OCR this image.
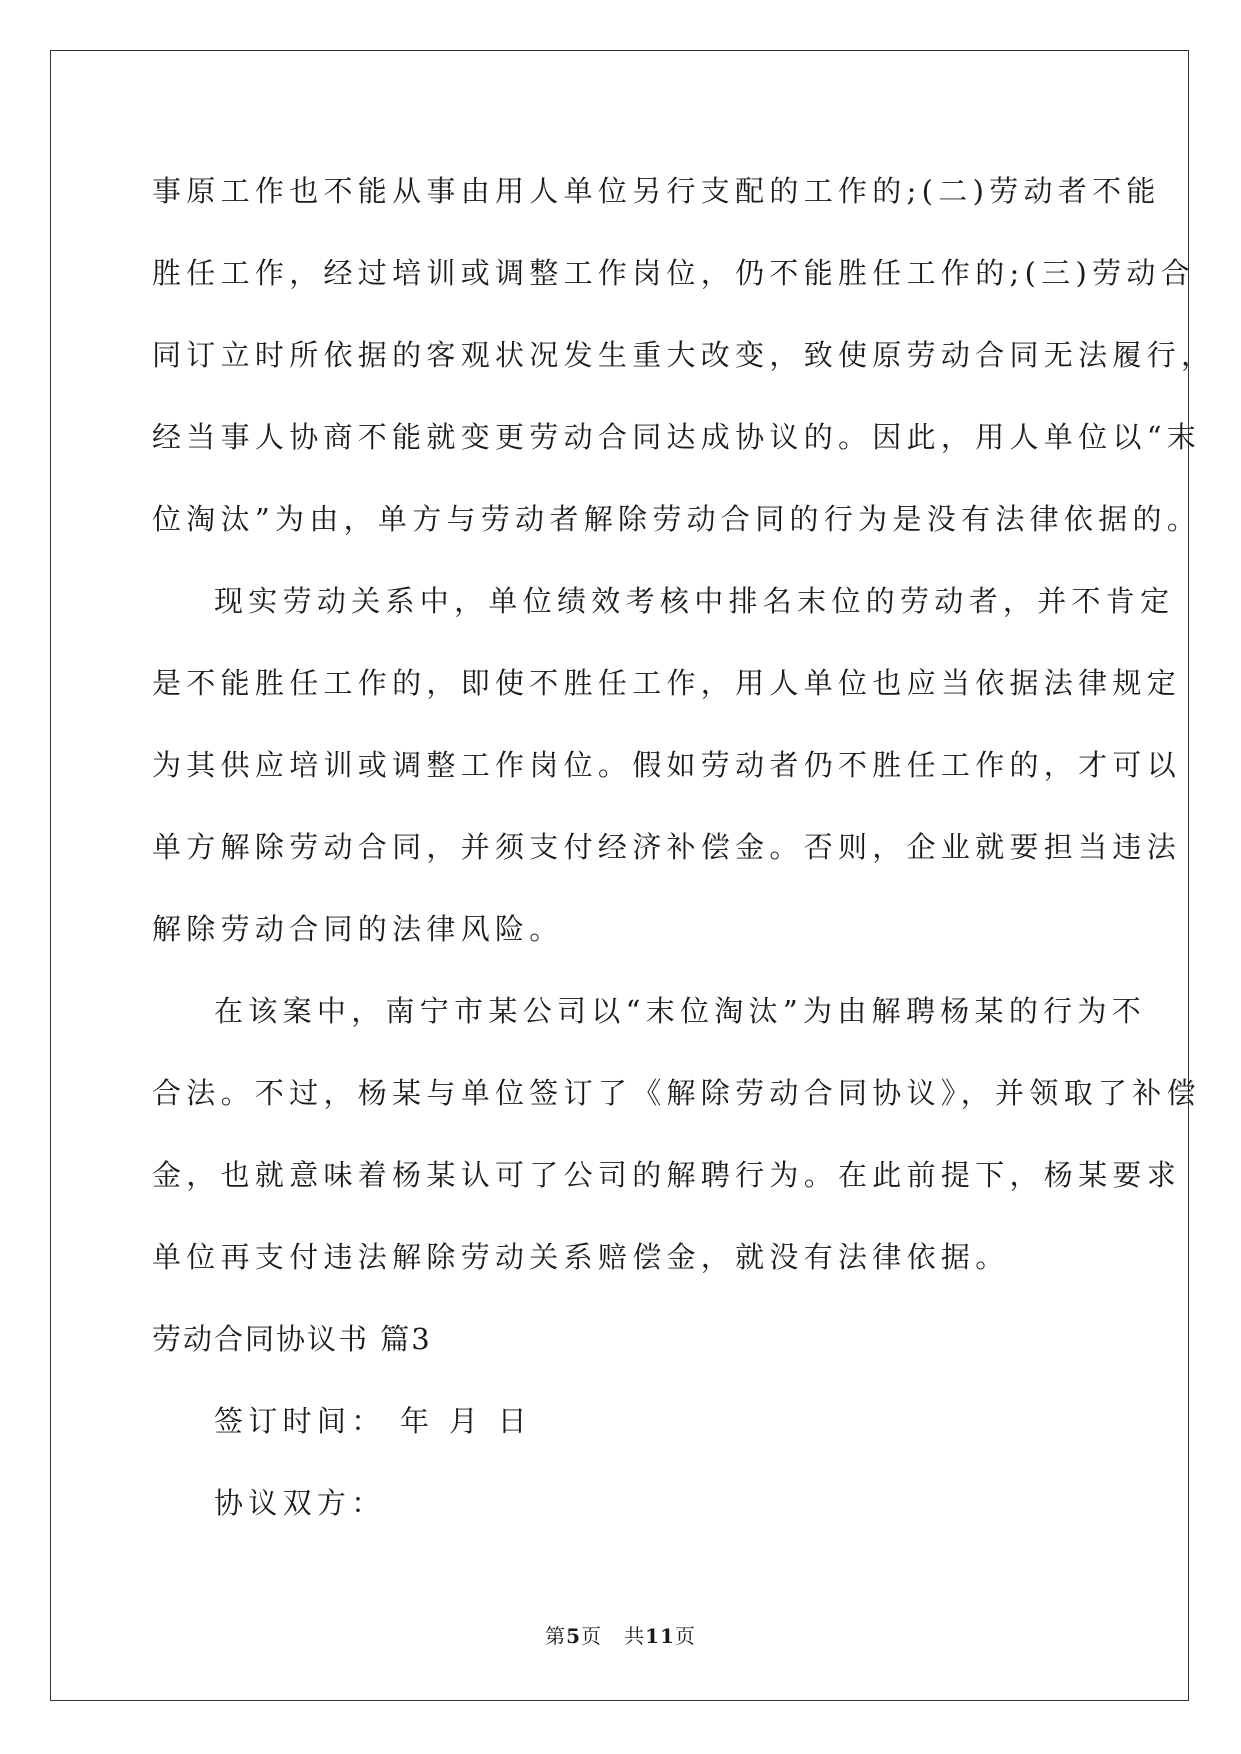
事原工作也不能从事由用人单位另行支配的工作的;(二)劳动者不能
胜任工作，经过培训或调整工作岗位，仍不能胜任工作的;(三)劳动合
同订立时所依据的客观状况发生重大改变，致使原劳动合同无法履行，
经当事人协商不能就变更劳动合同达成协议的。因此，用人单位以“末
位淘汰”为由，单方与劳动者解除劳动合同的行为是没有法律依据的。
现实劳动关系中，单位绩效考核中排名末位的劳动者，并不肯定
是不能胜任工作的，即使不胜任工作，用人单位也应当依据法律规定
为其供应培训或调整工作岗位。假如劳动者仍不胜任工作的，才可以
单方解除劳动合同，并须支付经济补偿金。否则，企业就要担当违法
解除劳动合同的法律风险。
在该案中，南宁市某公司以“末位淘汰”为由解聘杨某的行为不
合法。不过，杨某与单位签订了《解除劳动合同协议》，并领取了补偿
金，也就意味着杨某认可了公司的解聘行为。在此前提下，杨某要求
单位再支付违法解除劳动关系赔偿金，就没有法律依据。
劳动合同协议书 篇3
签订时间： 年 月 日
协议双方：
第5页 共11页
